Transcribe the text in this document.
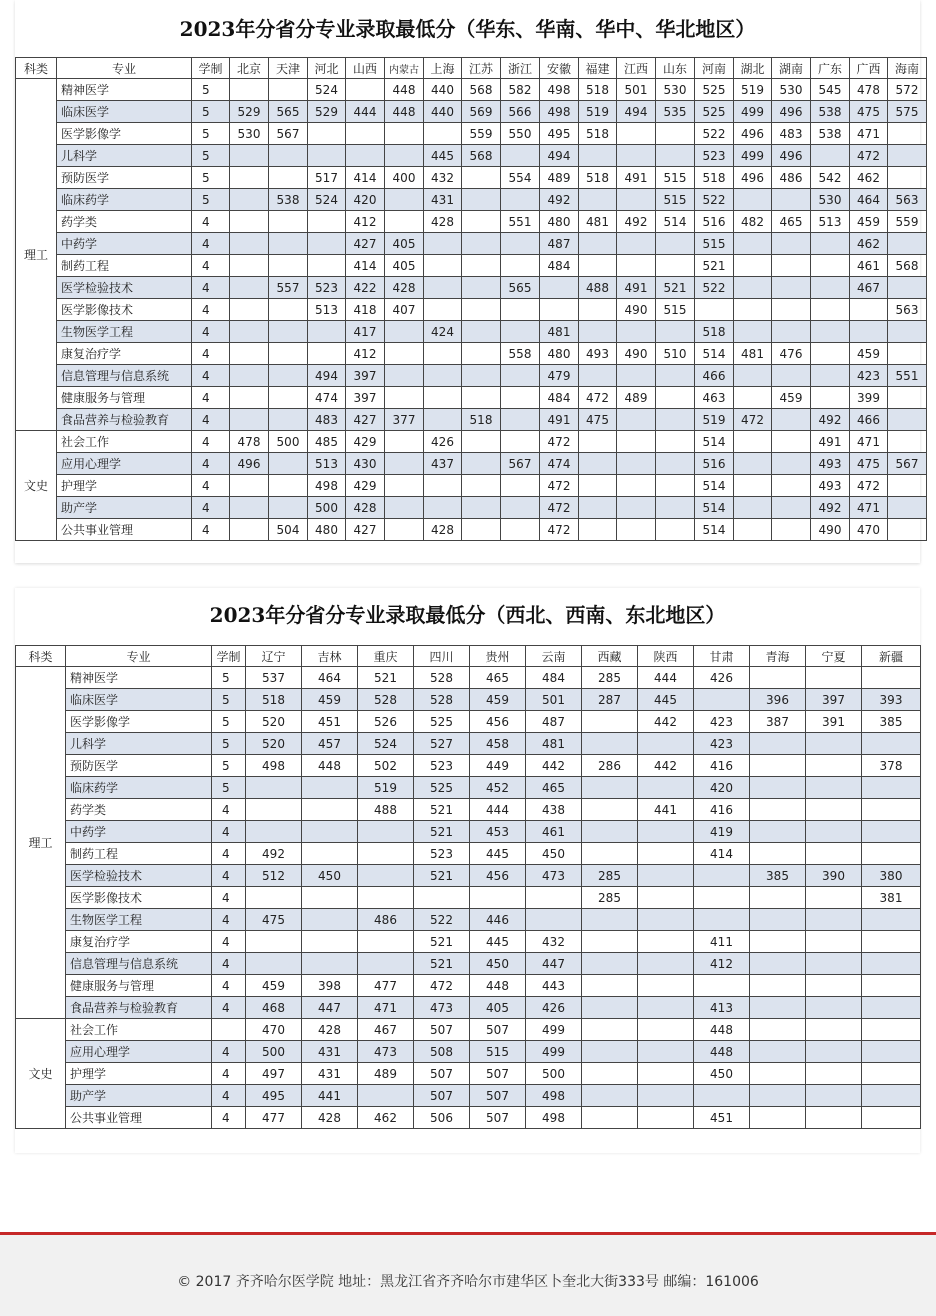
2023年分省分专业录取最低分（华东、华南、华中、华北地区）
科类	专业	学制	北京	天津	河北	山西	内蒙古	上海	江苏	浙江	安徽	福建	江西	山东	河南	湖北	湖南	广东	广西	海南
理工	精神医学	5			524		448	440	568	582	498	518	501	530	525	519	530	545	478	572
	临床医学	5	529	565	529	444	448	440	569	566	498	519	494	535	525	499	496	538	475	575
	医学影像学	5	530	567					559	550	495	518			522	496	483	538	471	
	儿科学	5						445	568		494				523	499	496		472	
	预防医学	5			517	414	400	432		554	489	518	491	515	518	496	486	542	462	
	临床药学	5		538	524	420		431			492			515	522			530	464	563
	药学类	4				412		428		551	480	481	492	514	516	482	465	513	459	559
	中药学	4				427	405				487				515				462	
	制药工程	4				414	405				484				521				461	568
	医学检验技术	4		557	523	422	428			565		488	491	521	522				467	
	医学影像技术	4			513	418	407						490	515						563
	生物医学工程	4				417		424			481				518					
	康复治疗学	4				412				558	480	493	490	510	514	481	476		459	
	信息管理与信息系统	4			494	397					479				466				423	551
	健康服务与管理	4			474	397					484	472	489		463		459		399	
	食品营养与检验教育	4			483	427	377		518		491	475			519	472		492	466	
文史	社会工作	4	478	500	485	429		426			472				514			491	471	
	应用心理学	4	496		513	430		437		567	474				516			493	475	567
	护理学	4			498	429					472				514			493	472	
	助产学	4			500	428					472				514			492	471	
	公共事业管理	4		504	480	427		428			472				514			490	470	
2023年分省分专业录取最低分（西北、西南、东北地区）
科类	专业	学制	辽宁	吉林	重庆	四川	贵州	云南	西藏	陕西	甘肃	青海	宁夏	新疆
理工	精神医学	5	537	464	521	528	465	484	285	444	426			
	临床医学	5	518	459	528	528	459	501	287	445		396	397	393
	医学影像学	5	520	451	526	525	456	487		442	423	387	391	385
	儿科学	5	520	457	524	527	458	481			423			
	预防医学	5	498	448	502	523	449	442	286	442	416			378
	临床药学	5			519	525	452	465			420			
	药学类	4			488	521	444	438		441	416			
	中药学	4				521	453	461			419			
	制药工程	4	492			523	445	450			414			
	医学检验技术	4	512	450		521	456	473	285			385	390	380
	医学影像技术	4							285					381
	生物医学工程	4	475		486	522	446							
	康复治疗学	4				521	445	432			411			
	信息管理与信息系统	4				521	450	447			412			
	健康服务与管理	4	459	398	477	472	448	443						
	食品营养与检验教育	4	468	447	471	473	405	426			413			
文史	社会工作		470	428	467	507	507	499			448			
	应用心理学	4	500	431	473	508	515	499			448			
	护理学	4	497	431	489	507	507	500			450			
	助产学	4	495	441		507	507	498						
	公共事业管理	4	477	428	462	506	507	498			451			
© 2017 齐齐哈尔医学院 地址：黑龙江省齐齐哈尔市建华区卜奎北大街333号 邮编：161006
